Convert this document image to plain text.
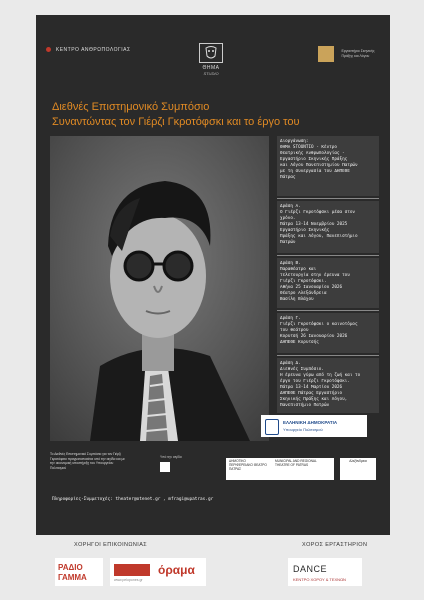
ΚΕΝΤΡΟ ΑΝΘΡΩΠΟΛΟΓΙΑΣ
ΘΗΜΑ
STUDIO
Εργαστήριο Σκηνικής Πράξης και Λόγου
Διεθνές Επιστημονικό Συμπόσιο
Συναντώντας τον Γιέρζι Γκροτόφσκι και το έργο του

Διοργάνωση:
ΘΗΜΑ STOUNTIO - Κέντρο
Θεατρικής Ανθρωπολογίας -
Εργαστήριο Σκηνικής Πράξης
και Λόγου Πανεπιστημίου Πατρών
με τη συνεργασία του ΔΗΠΕΘΕ
Πάτρας

Δράση Α.
Ο Γιέρζι Γκροτόφσκι μέσα στον
χρόνο.
Πάτρα 13-14 Νοεμβρίου 2025
Εργαστήριο Σκηνικής
Πράξης και Λόγου, Πανεπιστήμιο
Πατρών

Δράση Β.
Παραθέατρο και
τελετουργία στην έρευνα του
Γιέρζι Γκροτόφσκι.
Αθήνα 25 Ιανουαρίου 2026
Θέατρο Αλεξάνδρεια
Βασίλη Βλάχου

Δράση Γ.
Γιέρζι Γκροτόφσκι ο καινοτόμος
του θεάτρου
Κορυτσή 26 Ιανουαρίου 2026
ΔΗΠΕΘΕ Κορυτσής

Δράση Δ.
Διεθνές Συμπόσιο.
Η έρευνα γύρω από τη ζωή και το
έργο του Γιέρζι Γκροτόφσκι.
Πάτρα 13-14 Μαρτίου 2026
ΔΗΠΕΘΕ Πάτρας Εργαστήριο
Σκηνικής Πράξης και Λόγου,
Πανεπιστήμιο Πατρών

ΕΛΛΗΝΙΚΗ ΔΗΜΟΚΡΑΤΙΑ
Υπουργείο Πολιτισμού
Το Διεθνές Επιστημονικό Συμπόσιο για τον Γιέρζι Γκροτόφσκι πραγματοποιείται υπό την αιγίδα και με την οικονομική υποστήριξη του Υπουργείου Πολιτισμού
Υπό την αιγίδα
ΔΗΜΟΤΙΚΟ ΠΕΡΙΦΕΡΕΙΑΚΟ ΘΕΑΤΡΟ ΠΑΤΡΑΣ
MUNICIPAL AND REGIONAL THEATRE OF PATRAS
Αλεξάνδρεια
Πληροφορίες-Συμμετοχές: theater@otenet.gr , mfragi@upatras.gr
ΧΟΡΗΓΟΙ ΕΠΙΚΟΙΝΩΝΙΑΣ	ΧΟΡΟΣ ΕΡΓΑΣΤΗΡΙΟΝ
ΡΑΔΙΟ
ΓΑΜΜΑ
όραμα
www.pelopones.gr
DANCE
ΚΕΝΤΡΟ ΧΟΡΟΥ & ΤΕΧΝΩΝ
